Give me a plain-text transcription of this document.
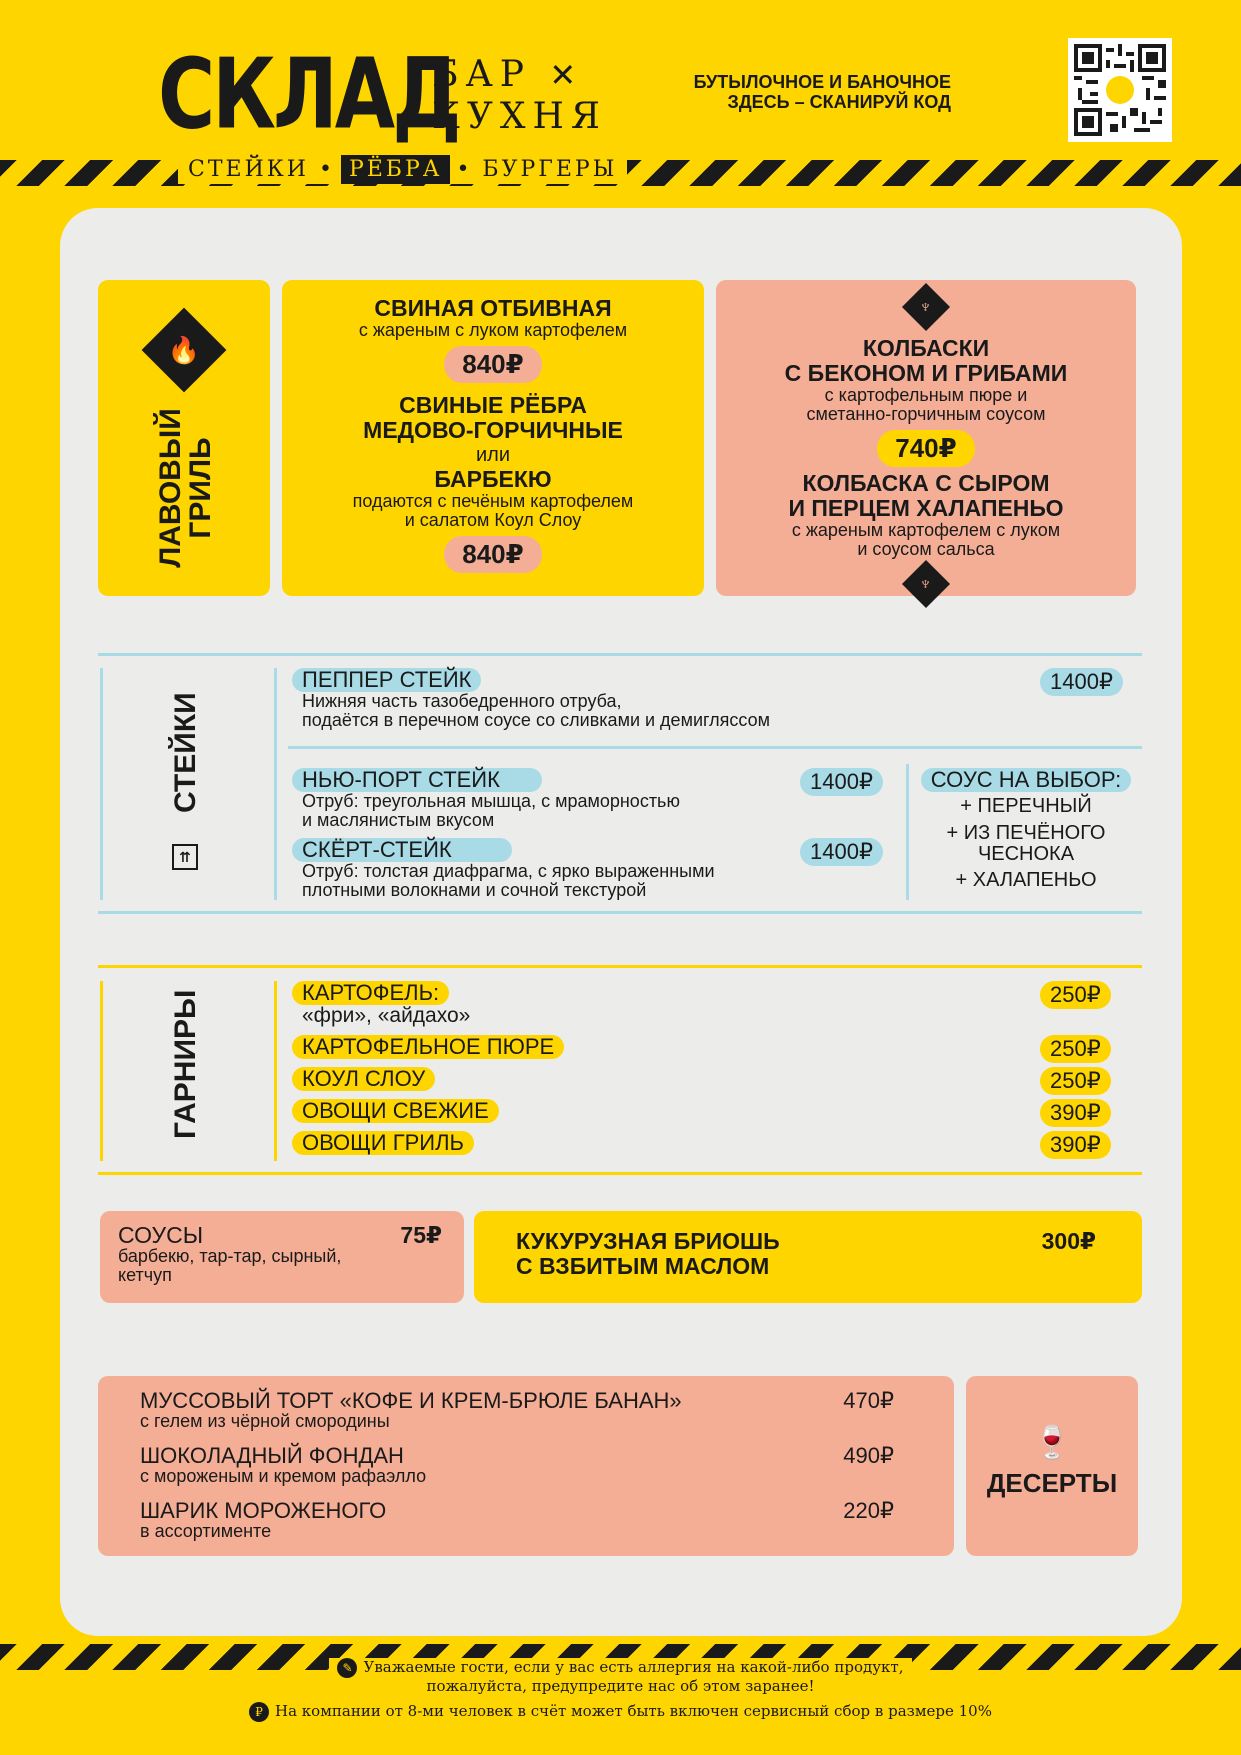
СКЛАД
БАР ✕
КУХНЯ
СТЕЙКИ • РЁБРА • БУРГЕРЫ
БУТЫЛОЧНОЕ И БАНОЧНОЕ
ЗДЕСЬ – СКАНИРУЙ КОД
🔥
ЛАВОВЫЙ
ГРИЛЬ
СВИНАЯ ОТБИВНАЯ
с жареным с луком картофелем
840₽
СВИНЫЕ РЁБРА
МЕДОВО-ГОРЧИЧНЫЕ
или
БАРБЕКЮ
подаются с печёным картофелем
и салатом Коул Слоу
840₽
♆
КОЛБАСКИ
С БЕКОНОМ И ГРИБАМИ
с картофельным пюре и
сметанно-горчичным соусом
740₽
КОЛБАСКА С СЫРОМ
И ПЕРЦЕМ ХАЛАПЕНЬО
с жареным картофелем с луком
и соусом сальса
♆
СТЕЙКИ
⇈
ПЕППЕР СТЕЙК
Нижняя часть тазобедренного отруба,
подаётся в перечном соусе со сливками и демигляссом
1400₽
НЬЮ-ПОРТ СТЕЙК
Отруб: треугольная мышца, с мраморностью
и маслянистым вкусом
1400₽
СКЁРТ-СТЕЙК
Отруб: толстая диафрагма, с ярко выраженными
плотными волокнами и сочной текстурой
1400₽
СОУС НА ВЫБОР:
+ ПЕРЕЧНЫЙ
+ ИЗ ПЕЧЁНОГО
ЧЕСНОКА
+ ХАЛАПЕНЬО
ГАРНИРЫ	КАРТОФЕЛЬ:
«фри», «айдахо»
250₽
КАРТОФЕЛЬНОЕ ПЮРЕ	250₽
КОУЛ СЛОУ	250₽
ОВОЩИ СВЕЖИЕ	390₽
ОВОЩИ ГРИЛЬ	390₽
СОУСЫ	75₽
барбекю, тар-тар, сырный,
кетчуп
КУКУРУЗНАЯ БРИОШЬ	300₽
С ВЗБИТЫМ МАСЛОМ
МУССОВЫЙ ТОРТ «КОФЕ И КРЕМ-БРЮЛЕ БАНАН»	470₽
с гелем из чёрной смородины
ШОКОЛАДНЫЙ ФОНДАН	490₽
с мороженым и кремом рафаэлло
ШАРИК МОРОЖЕНОГО	220₽
в ассортименте
🍷
ДЕСЕРТЫ
✎ Уважаемые гости, если у вас есть аллергия на какой-либо продукт,
пожалуйста, предупредите нас об этом заранее!
₽ На компании от 8-ми человек в счёт может быть включен сервисный сбор в размере 10%
